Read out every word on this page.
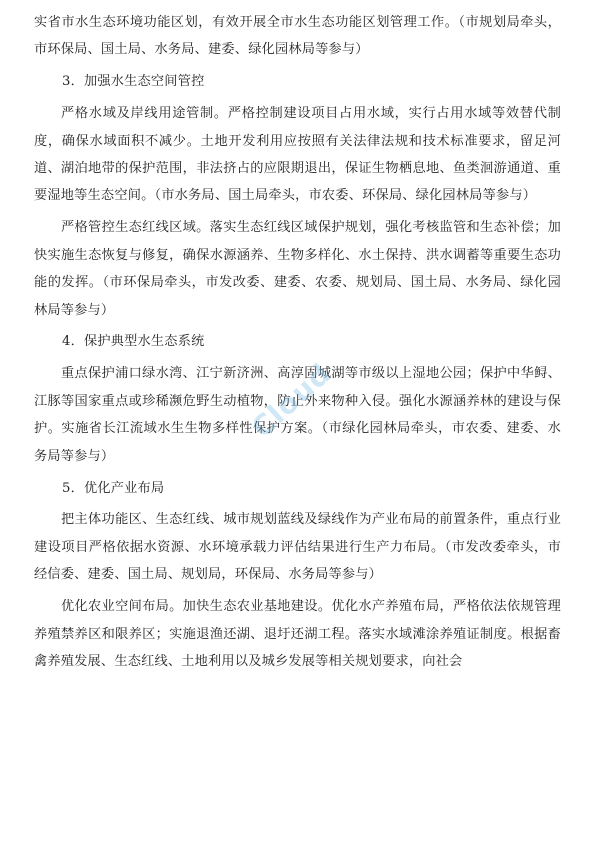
实省市水生态环境功能区划，有效开展全市水生态功能区划管理工作。（市规划局牵头，市环保局、国土局、水务局、建委、绿化园林局等参与）

3．加强水生态空间管控

严格水域及岸线用途管制。严格控制建设项目占用水域，实行占用水域等效替代制度，确保水域面积不减少。土地开发利用应按照有关法律法规和技术标准要求，留足河道、湖泊地带的保护范围，非法挤占的应限期退出，保证生物栖息地、鱼类洄游通道、重要湿地等生态空间。（市水务局、国土局牵头，市农委、环保局、绿化园林局等参与）

严格管控生态红线区域。落实生态红线区域保护规划，强化考核监管和生态补偿；加快实施生态恢复与修复，确保水源涵养、生物多样化、水土保持、洪水调蓄等重要生态功能的发挥。（市环保局牵头，市发改委、建委、农委、规划局、国土局、水务局、绿化园林局等参与）

4．保护典型水生态系统

重点保护浦口绿水湾、江宁新济洲、高淳固城湖等市级以上湿地公园；保护中华鲟、江豚等国家重点或珍稀濒危野生动植物，防止外来物种入侵。强化水源涵养林的建设与保护。实施省长江流域水生生物多样性保护方案。（市绿化园林局牵头，市农委、建委、水务局等参与）

5．优化产业布局

把主体功能区、生态红线、城市规划蓝线及绿线作为产业布局的前置条件，重点行业建设项目严格依据水资源、水环境承载力评估结果进行生产力布局。（市发改委牵头，市经信委、建委、国土局、规划局，环保局、水务局等参与）

优化农业空间布局。加快生态农业基地建设。优化水产养殖布局，严格依法依规管理养殖禁养区和限养区；实施退渔还湖、退圩还湖工程。落实水域滩涂养殖证制度。根据畜禽养殖发展、生态红线、土地利用以及城乡发展等相关规划要求，向社会

Cloud
